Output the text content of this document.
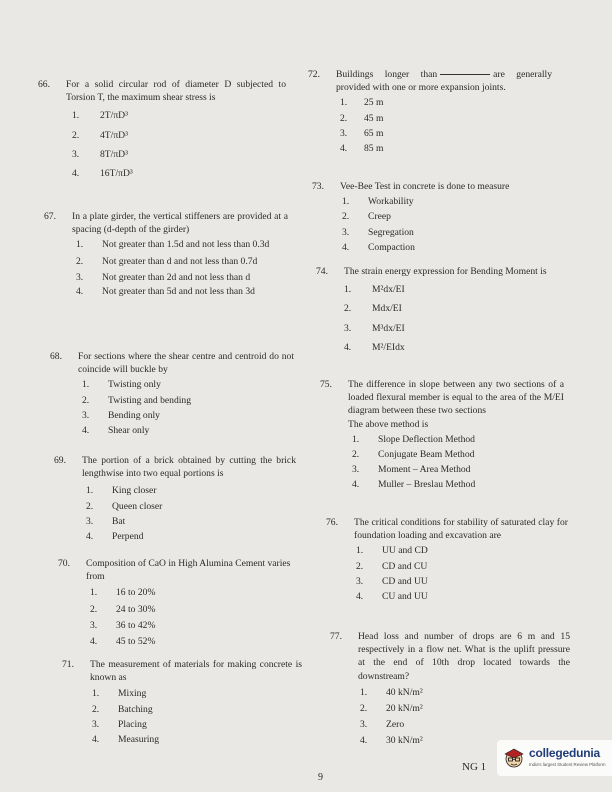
66. For a solid circular rod of diameter D subjected to Torsion T, the maximum shear stress is
1. 2T/πD³
2. 4T/πD³
3. 8T/πD³
4. 16T/πD³
67. In a plate girder, the vertical stiffeners are provided at a spacing (d-depth of the girder)
1. Not greater than 1.5d and not less than 0.3d
2. Not greater than d and not less than 0.7d
3. Not greater than 2d and not less than d
4. Not greater than 5d and not less than 3d
68. For sections where the shear centre and centroid do not coincide will buckle by
1. Twisting only
2. Twisting and bending
3. Bending only
4. Shear only
69. The portion of a brick obtained by cutting the brick lengthwise into two equal portions is
1. King closer
2. Queen closer
3. Bat
4. Perpend
70. Composition of CaO in High Alumina Cement varies from
1. 16 to 20%
2. 24 to 30%
3. 36 to 42%
4. 45 to 52%
71. The measurement of materials for making concrete is known as
1. Mixing
2. Batching
3. Placing
4. Measuring
72. Buildings longer than	are generally provided with one or more expansion joints.
1. 25 m
2. 45 m
3. 65 m
4. 85 m
73. Vee-Bee Test in concrete is done to measure
1. Workability
2. Creep
3. Segregation
4. Compaction
74. The strain energy expression for Bending Moment is
1. M²dx/EI
2. Mdx/EI
3. M³dx/EI
4. M²/EIdx
75. The difference in slope between any two sections of a loaded flexural member is equal to the area of the M/EI diagram between these two sections
The above method is
1. Slope Deflection Method
2. Conjugate Beam Method
3. Moment – Area Method
4. Muller – Breslau Method
76. The critical conditions for stability of saturated clay for foundation loading and excavation are
1. UU and CD
2. CD and CU
3. CD and UU
4. CU and UU
77. Head loss and number of drops are 6 m and 15 respectively in a flow net. What is the uplift pressure at the end of 10th drop located towards the downstream?
1. 40 kN/m²
2. 20 kN/m²
3. Zero
4. 30 kN/m²
9
NG 1
collegedunia
India's largest Student Review Platform
